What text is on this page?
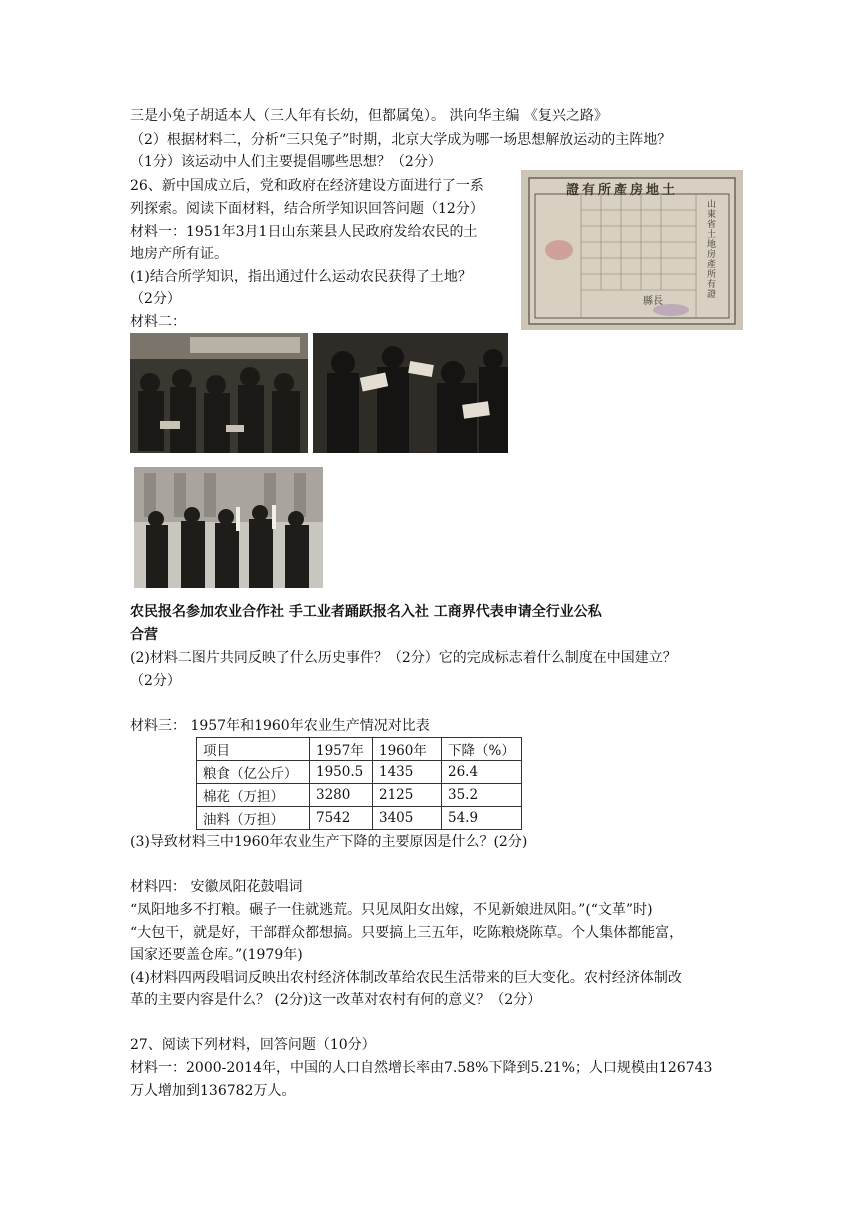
三是小兔子胡适本人（三人年有长幼，但都属兔）。 洪向华主编 《复兴之路》
（2）根据材料二，分析“三只兔子”时期，北京大学成为哪一场思想解放运动的主阵地？
（1分）该运动中人们主要提倡哪些思想？（2分）
26、新中国成立后，党和政府在经济建设方面进行了一系
列探索。阅读下面材料，结合所学知识回答问题（12分）
材料一：1951年3月1日山东莱县人民政府发给农民的土
地房产所有证。
(1)结合所学知识，指出通过什么运动农民获得了土地？
（2分）
材料二：
證有所產房地土
山東省土地房產所有證
縣長
农民报名参加农业合作社 手工业者踊跃报名入社 工商界代表申请全行业公私
合营
(2)材料二图片共同反映了什么历史事件？（2分）它的完成标志着什么制度在中国建立？
（2分）
材料三： 1957年和1960年农业生产情况对比表
项目	1957年	1960年	下降（%）
粮食（亿公斤）	1950.5	1435	26.4
棉花（万担）	3280	2125	35.2
油料（万担）	7542	3405	54.9
(3)导致材料三中1960年农业生产下降的主要原因是什么？(2分)
材料四： 安徽凤阳花鼓唱词
“凤阳地多不打粮。碾子一住就逃荒。只见凤阳女出嫁，不见新娘进凤阳。”(“文革”时)
“大包干，就是好，干部群众都想搞。只要搞上三五年，吃陈粮烧陈草。个人集体都能富，
国家还要盖仓库。”(1979年)
(4)材料四两段唱词反映出农村经济体制改革给农民生活带来的巨大变化。农村经济体制改
革的主要内容是什么？ (2分)这一改革对农村有何的意义？（2分）
27、阅读下列材料，回答问题（10分）
材料一：2000-2014年，中国的人口自然增长率由7.58%下降到5.21%；人口规模由126743
万人增加到136782万人。
